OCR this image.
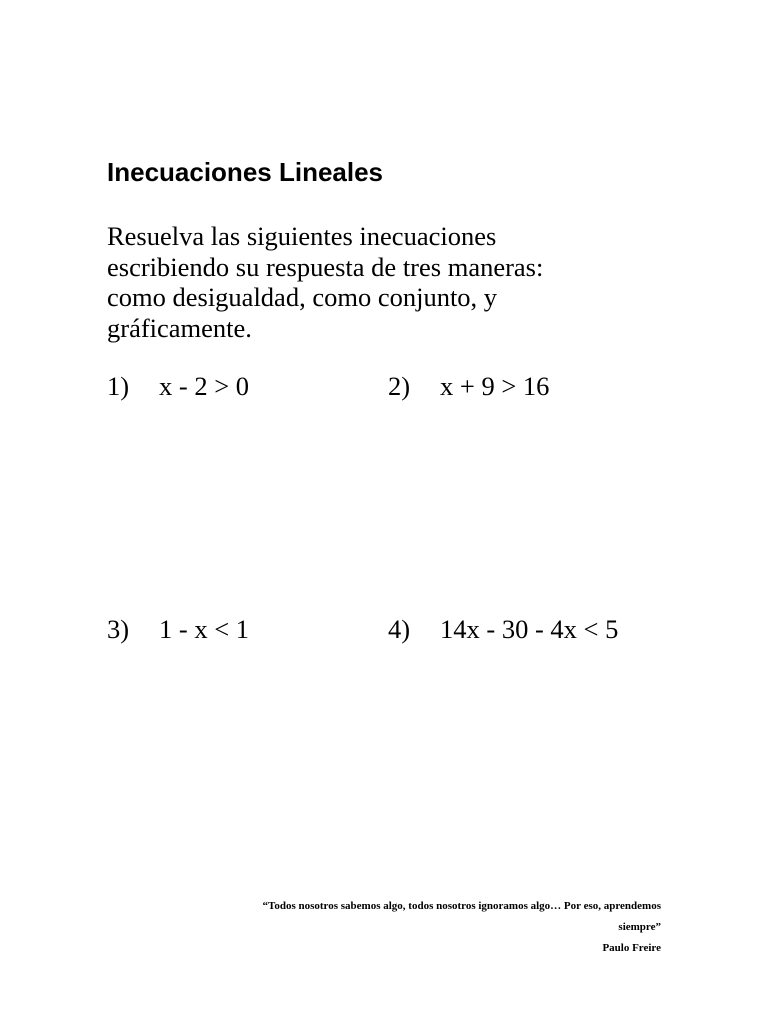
Inecuaciones Lineales

Resuelva las siguientes inecuaciones
escribiendo su respuesta de tres maneras:
como desigualdad, como conjunto, y
gráficamente.

1) x - 2 > 0	2) x + 9 > 16
3) 1 - x < 1	4) 14x - 30 - 4x < 5
“Todos nosotros sabemos algo, todos nosotros ignoramos algo… Por eso, aprendemos
siempre”
Paulo Freire
